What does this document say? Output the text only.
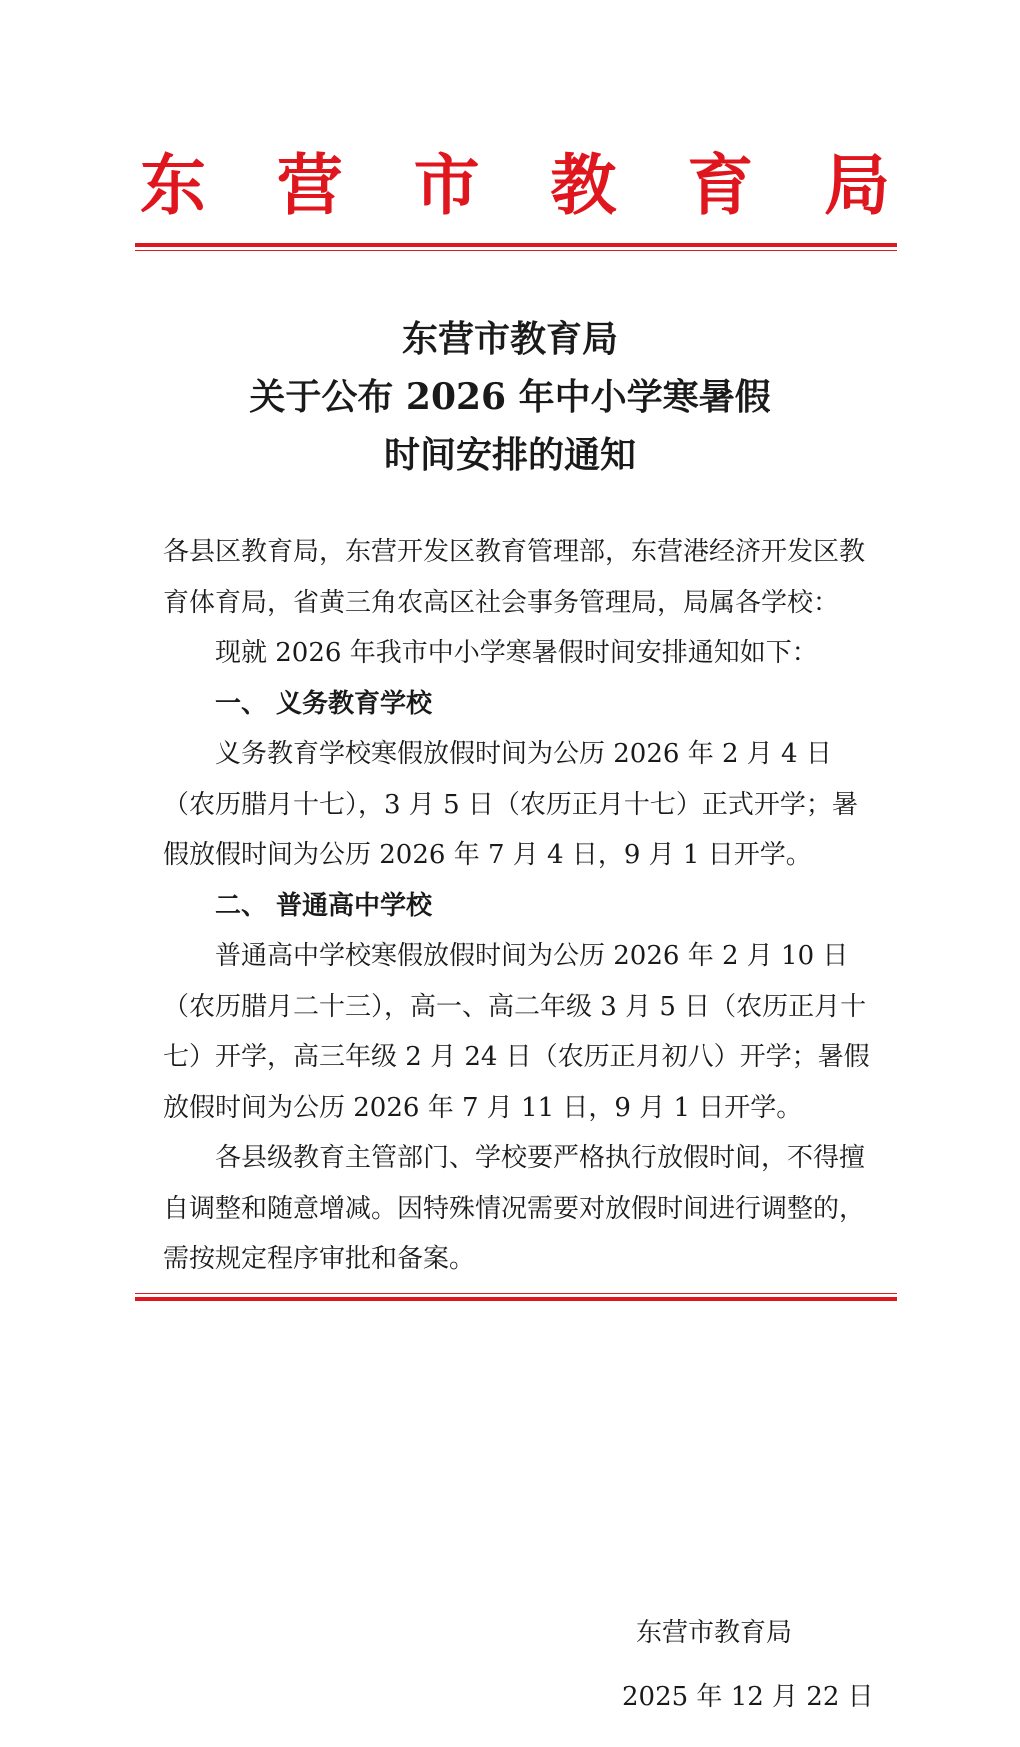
东 营 市 教 育 局
东营市教育局
关于公布 2026 年中小学寒暑假
时间安排的通知

各县区教育局，东营开发区教育管理部，东营港经济开发区教育体育局，省黄三角农高区社会事务管理局，局属各学校：

现就 2026 年我市中小学寒暑假时间安排通知如下：

一、 义务教育学校

义务教育学校寒假放假时间为公历 2026 年 2 月 4 日（农历腊月十七），3 月 5 日（农历正月十七）正式开学；暑假放假时间为公历 2026 年 7 月 4 日，9 月 1 日开学。

二、 普通高中学校

普通高中学校寒假放假时间为公历 2026 年 2 月 10 日（农历腊月二十三），高一、高二年级 3 月 5 日（农历正月十七）开学，高三年级 2 月 24 日（农历正月初八）开学；暑假放假时间为公历 2026 年 7 月 11 日，9 月 1 日开学。

各县级教育主管部门、学校要严格执行放假时间，不得擅自调整和随意增减。因特殊情况需要对放假时间进行调整的，需按规定程序审批和备案。

东营市教育局
2025 年 12 月 22 日
